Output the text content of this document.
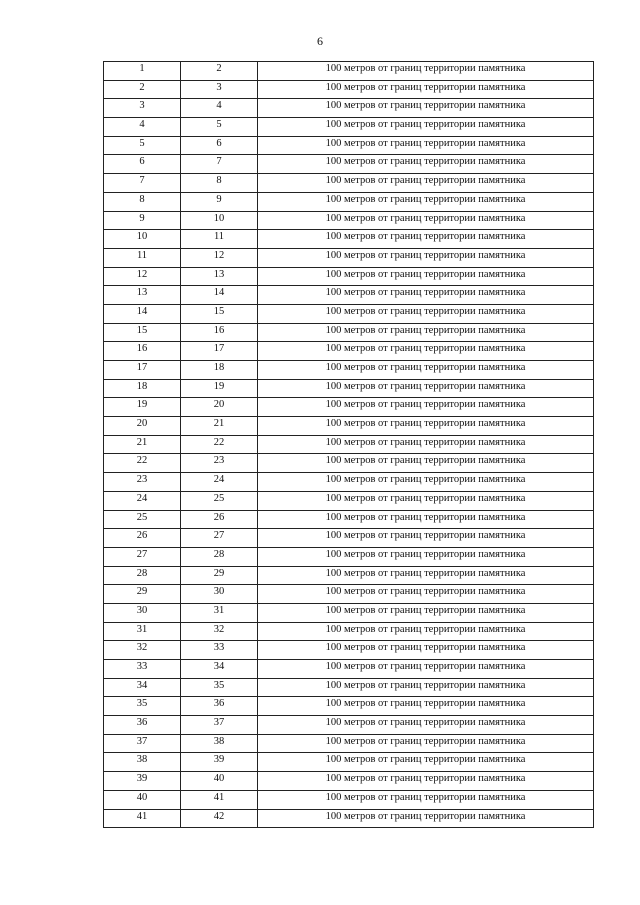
6
1	2	100 метров от границ территории памятника
2	3	100 метров от границ территории памятника
3	4	100 метров от границ территории памятника
4	5	100 метров от границ территории памятника
5	6	100 метров от границ территории памятника
6	7	100 метров от границ территории памятника
7	8	100 метров от границ территории памятника
8	9	100 метров от границ территории памятника
9	10	100 метров от границ территории памятника
10	11	100 метров от границ территории памятника
11	12	100 метров от границ территории памятника
12	13	100 метров от границ территории памятника
13	14	100 метров от границ территории памятника
14	15	100 метров от границ территории памятника
15	16	100 метров от границ территории памятника
16	17	100 метров от границ территории памятника
17	18	100 метров от границ территории памятника
18	19	100 метров от границ территории памятника
19	20	100 метров от границ территории памятника
20	21	100 метров от границ территории памятника
21	22	100 метров от границ территории памятника
22	23	100 метров от границ территории памятника
23	24	100 метров от границ территории памятника
24	25	100 метров от границ территории памятника
25	26	100 метров от границ территории памятника
26	27	100 метров от границ территории памятника
27	28	100 метров от границ территории памятника
28	29	100 метров от границ территории памятника
29	30	100 метров от границ территории памятника
30	31	100 метров от границ территории памятника
31	32	100 метров от границ территории памятника
32	33	100 метров от границ территории памятника
33	34	100 метров от границ территории памятника
34	35	100 метров от границ территории памятника
35	36	100 метров от границ территории памятника
36	37	100 метров от границ территории памятника
37	38	100 метров от границ территории памятника
38	39	100 метров от границ территории памятника
39	40	100 метров от границ территории памятника
40	41	100 метров от границ территории памятника
41	42	100 метров от границ территории памятника
